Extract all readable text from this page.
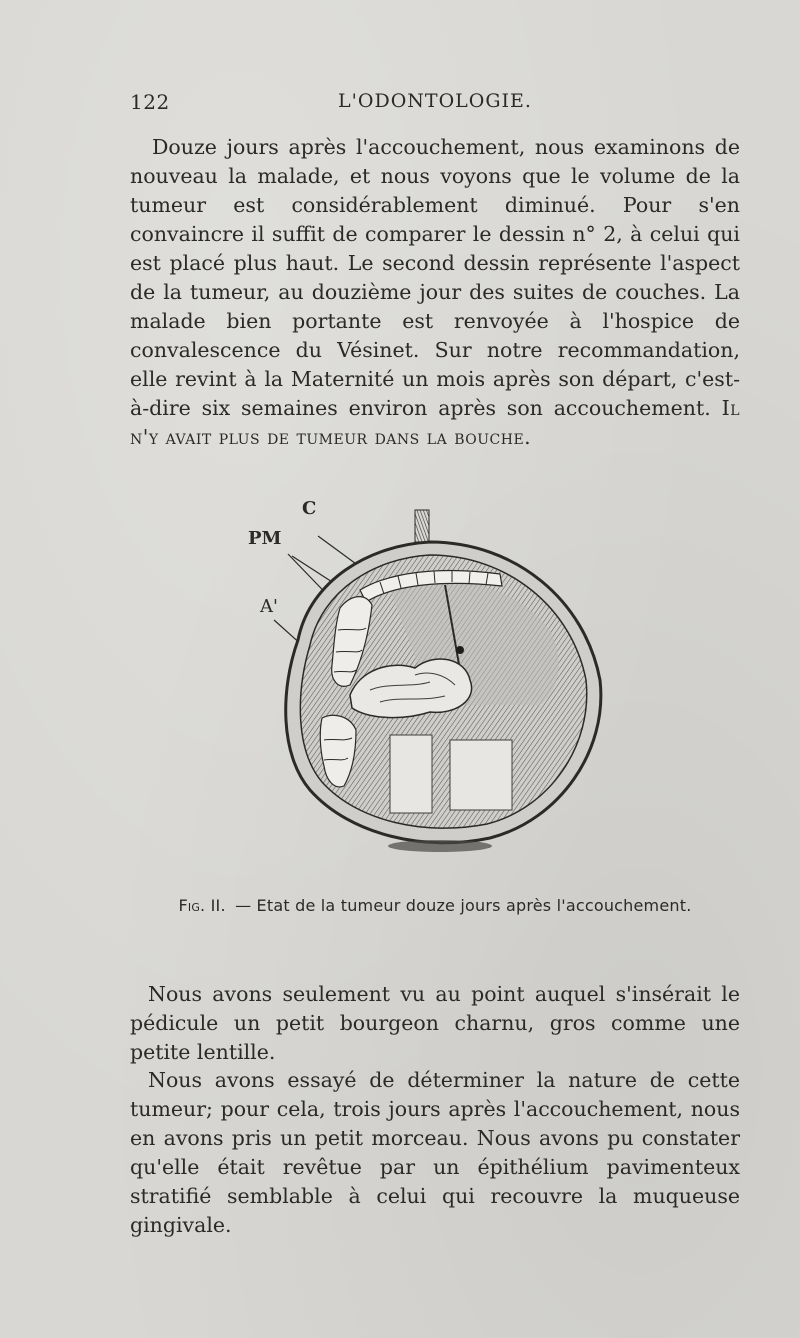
122	L'ODONTOLOGIE.

Douze jours après l'accouchement, nous examinons de nouveau la malade, et nous voyons que le volume de la tumeur est considérablement diminué. Pour s'en convaincre il suffit de comparer le dessin n° 2, à celui qui est placé plus haut. Le second dessin représente l'aspect de la tumeur, au douzième jour des suites de couches. La malade bien portante est renvoyée à l'hospice de convalescence du Vésinet. Sur notre recommandation, elle revint à la Maternité un mois après son départ, c'est-à-dire six semaines environ après son accouchement. Il n'y avait plus de tumeur dans la bouche.

C
PM
A'
Fig. II. — Etat de la tumeur douze jours après l'accouchement.

Nous avons seulement vu au point auquel s'insérait le pédicule un petit bourgeon charnu, gros comme une petite lentille.

Nous avons essayé de déterminer la nature de cette tumeur; pour cela, trois jours après l'accouchement, nous en avons pris un petit morceau. Nous avons pu constater qu'elle était revêtue par un épithélium pavimenteux stratifié semblable à celui qui recouvre la muqueuse gingivale.
